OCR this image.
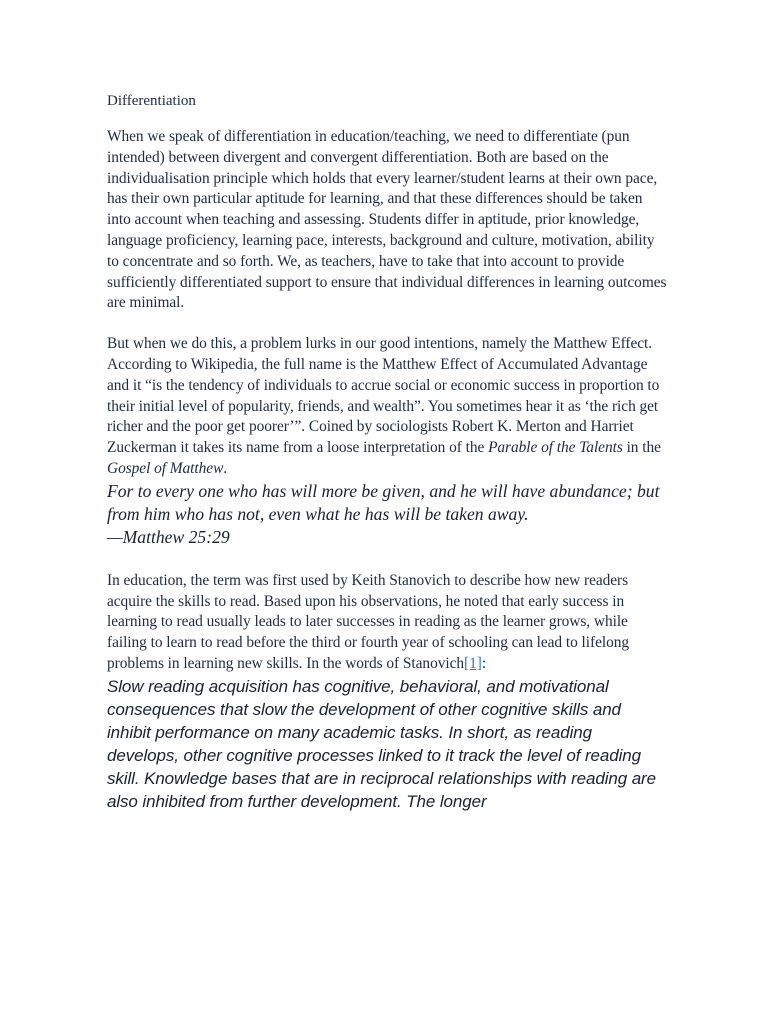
Differentiation

When we speak of differentiation in education/teaching, we need to differentiate (pun intended) between divergent and convergent differentiation. Both are based on the individualisation principle which holds that every learner/student learns at their own pace, has their own particular aptitude for learning, and that these differences should be taken into account when teaching and assessing. Students differ in aptitude, prior knowledge, language proficiency, learning pace, interests, background and culture, motivation, ability to concentrate and so forth. We, as teachers, have to take that into account to provide sufficiently differentiated support to ensure that individual differences in learning outcomes are minimal.

But when we do this, a problem lurks in our good intentions, namely the Matthew Effect. According to Wikipedia, the full name is the Matthew Effect of Accumulated Advantage and it “is the tendency of individuals to accrue social or economic success in proportion to their initial level of popularity, friends, and wealth”. You sometimes hear it as ‘the rich get richer and the poor get poorer’”. Coined by sociologists Robert K. Merton and Harriet Zuckerman it takes its name from a loose interpretation of the Parable of the Talents in the Gospel of Matthew.

For to every one who has will more be given, and he will have abundance; but from him who has not, even what he has will be taken away.

—Matthew 25:29

In education, the term was first used by Keith Stanovich to describe how new readers acquire the skills to read. Based upon his observations, he noted that early success in learning to read usually leads to later successes in reading as the learner grows, while failing to learn to read before the third or fourth year of schooling can lead to lifelong problems in learning new skills. In the words of Stanovich[1]:

Slow reading acquisition has cognitive, behavioral, and motivational consequences that slow the development of other cognitive skills and inhibit performance on many academic tasks. In short, as reading develops, other cognitive processes linked to it track the level of reading skill. Knowledge bases that are in reciprocal relationships with reading are also inhibited from further development. The longer
